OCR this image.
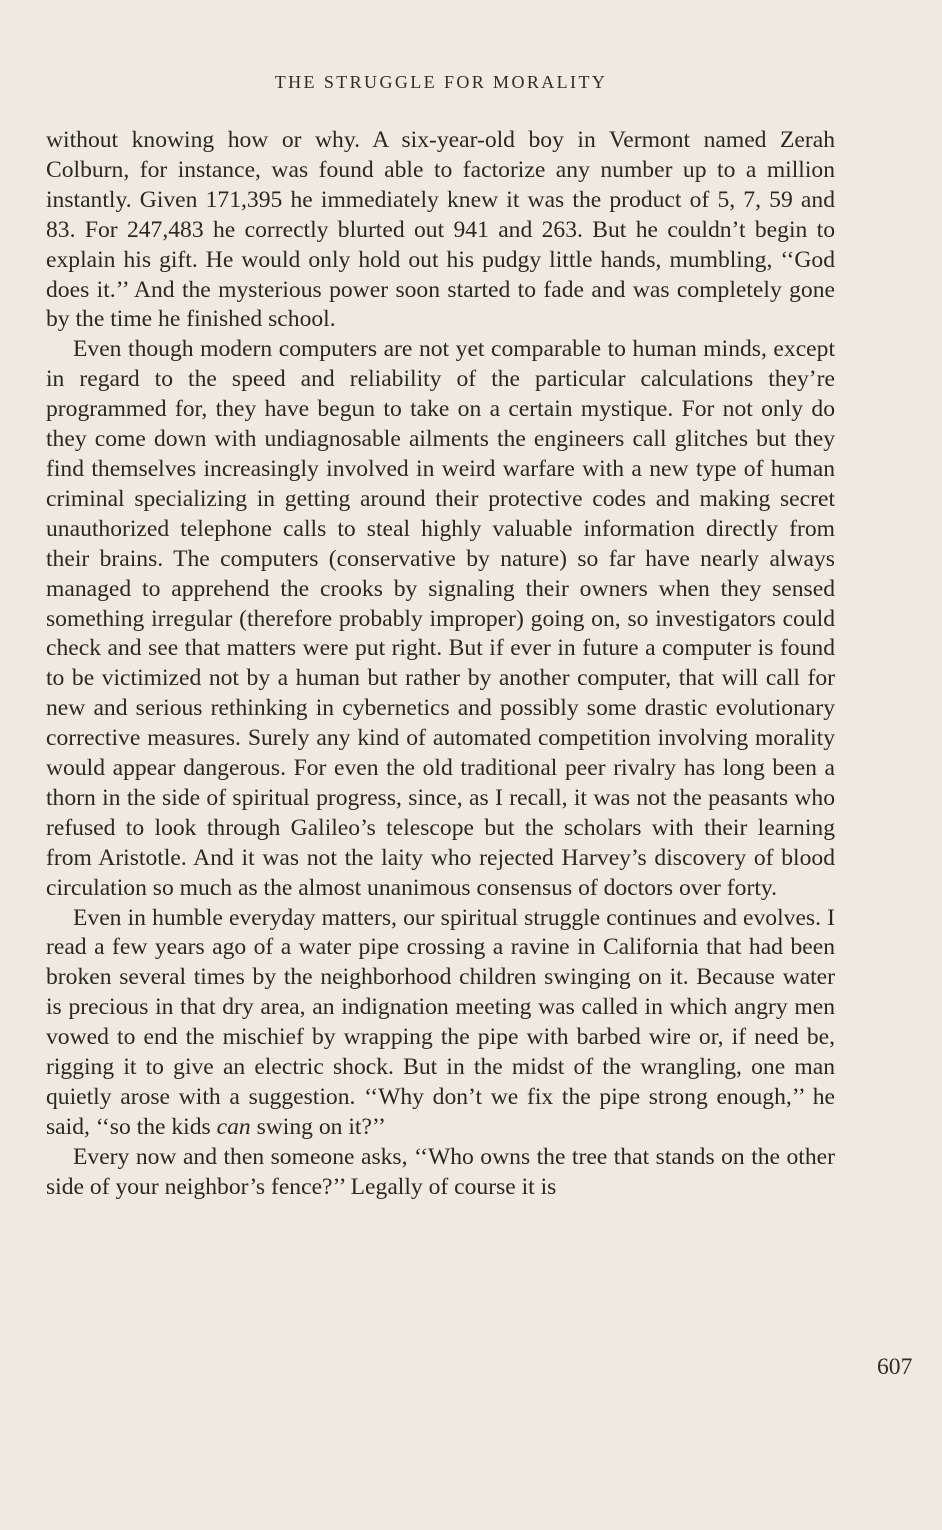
THE STRUGGLE FOR MORALITY

without knowing how or why. A six-year-old boy in Vermont named Zerah Colburn, for instance, was found able to factorize any number up to a million instantly. Given 171,395 he immediately knew it was the product of 5, 7, 59 and 83. For 247,483 he correctly blurted out 941 and 263. But he couldn’t begin to explain his gift. He would only hold out his pudgy little hands, mumbling, ‘‘God does it.’’ And the mysterious power soon started to fade and was completely gone by the time he finished school.

Even though modern computers are not yet comparable to human minds, except in regard to the speed and reliability of the particular calculations they’re programmed for, they have begun to take on a certain mystique. For not only do they come down with undiagnosable ailments the engineers call glitches but they find themselves increasingly involved in weird warfare with a new type of human criminal specializing in getting around their protective codes and making secret unauthorized telephone calls to steal highly valuable information directly from their brains. The computers (conservative by nature) so far have nearly always managed to apprehend the crooks by signaling their owners when they sensed something irregular (therefore probably improper) going on, so investigators could check and see that matters were put right. But if ever in future a computer is found to be victimized not by a human but rather by another computer, that will call for new and serious rethinking in cybernetics and possibly some drastic evolutionary corrective measures. Surely any kind of automated competition involving morality would appear dangerous. For even the old traditional peer rivalry has long been a thorn in the side of spiritual progress, since, as I recall, it was not the peasants who refused to look through Galileo’s telescope but the scholars with their learning from Aristotle. And it was not the laity who rejected Harvey’s discovery of blood circulation so much as the almost unanimous consensus of doctors over forty.

Even in humble everyday matters, our spiritual struggle continues and evolves. I read a few years ago of a water pipe crossing a ravine in California that had been broken several times by the neighborhood children swinging on it. Because water is precious in that dry area, an indignation meeting was called in which angry men vowed to end the mischief by wrapping the pipe with barbed wire or, if need be, rigging it to give an electric shock. But in the midst of the wrangling, one man quietly arose with a suggestion. ‘‘Why don’t we fix the pipe strong enough,’’ he said, ‘‘so the kids can swing on it?’’

Every now and then someone asks, ‘‘Who owns the tree that stands on the other side of your neighbor’s fence?’’ Legally of course it is

607
